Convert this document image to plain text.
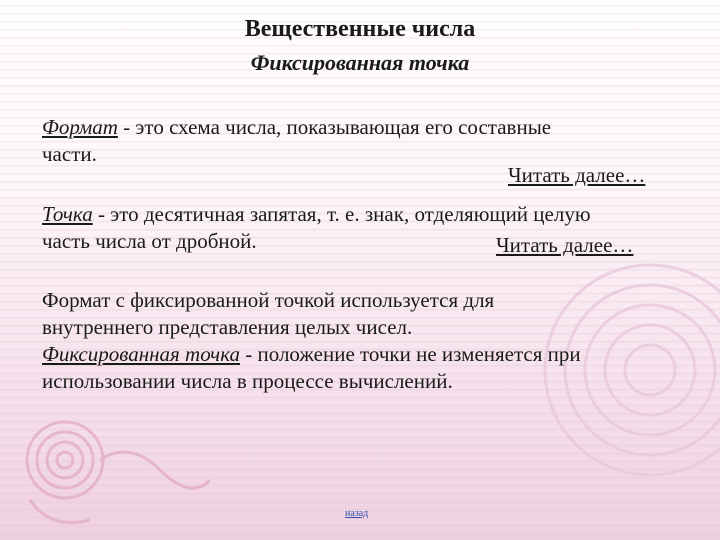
Вещественные числа
Фиксированная точка
Формат - это схема числа, показывающая его составные
части.
Читать далее…
Точка - это десятичная запятая, т. е. знак, отделяющий целую
часть числа от дробной.	Читать далее…
Формат с фиксированной точкой используется для
внутреннего представления целых чисел.
Фиксированная точка - положение точки не изменяется при
использовании числа в процессе вычислений.
назад
